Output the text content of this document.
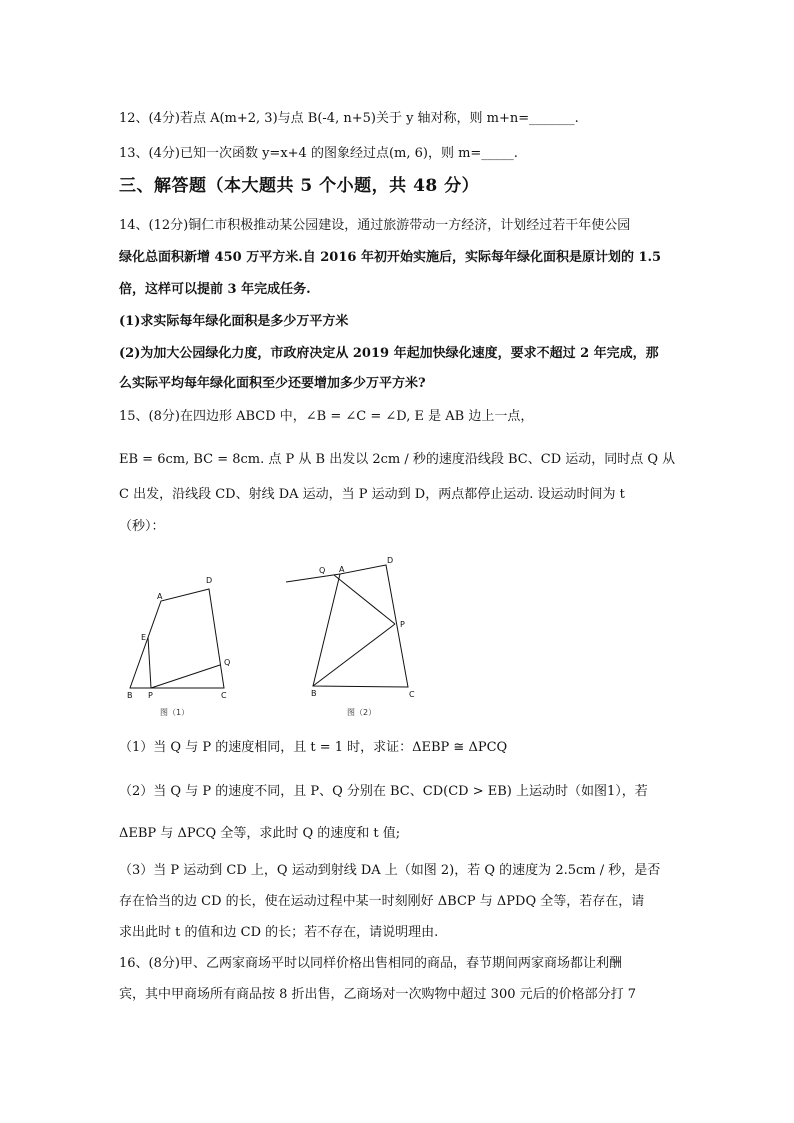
12、(4分)若点 A(m+2, 3)与点 B(-4, n+5)关于 y 轴对称，则 m+n=_______.
13、(4分)已知一次函数 y=x+4 的图象经过点(m, 6)，则 m=_____.
三、解答题（本大题共 5 个小题，共 48 分）
14、(12分)铜仁市积极推动某公园建设，通过旅游带动一方经济，计划经过若干年使公园
绿化总面积新增 450 万平方米.自 2016 年初开始实施后，实际每年绿化面积是原计划的 1.5
倍，这样可以提前 3 年完成任务.
(1)求实际每年绿化面积是多少万平方米
(2)为加大公园绿化力度，市政府决定从 2019 年起加快绿化速度，要求不超过 2 年完成，那
么实际平均每年绿化面积至少还要增加多少万平方米?
15、(8分)在四边形 ABCD 中，∠B = ∠C = ∠D, E 是 AB 边上一点，
EB = 6cm, BC = 8cm. 点 P 从 B 出发以 2cm / 秒的速度沿线段 BC、CD 运动，同时点 Q 从
C 出发，沿线段 CD、射线 DA 运动，当 P 运动到 D，两点都停止运动. 设运动时间为 t
（秒）：
A
D
E
Q
B P	C
图（1）
D
Q A
P
B	C
图（2）
（1）当 Q 与 P 的速度相同，且 t = 1 时，求证：ΔEBP ≅ ΔPCQ
（2）当 Q 与 P 的速度不同，且 P、Q 分别在 BC、CD(CD > EB) 上运动时（如图1），若
ΔEBP 与 ΔPCQ 全等，求此时 Q 的速度和 t 值;
（3）当 P 运动到 CD 上，Q 运动到射线 DA 上（如图 2)，若 Q 的速度为 2.5cm / 秒，是否
存在恰当的边 CD 的长，使在运动过程中某一时刻刚好 ΔBCP 与 ΔPDQ 全等，若存在，请
求出此时 t 的值和边 CD 的长；若不存在，请说明理由.
16、(8分)甲、乙两家商场平时以同样价格出售相同的商品，春节期间两家商场都让利酬
宾，其中甲商场所有商品按 8 折出售，乙商场对一次购物中超过 300 元后的价格部分打 7
